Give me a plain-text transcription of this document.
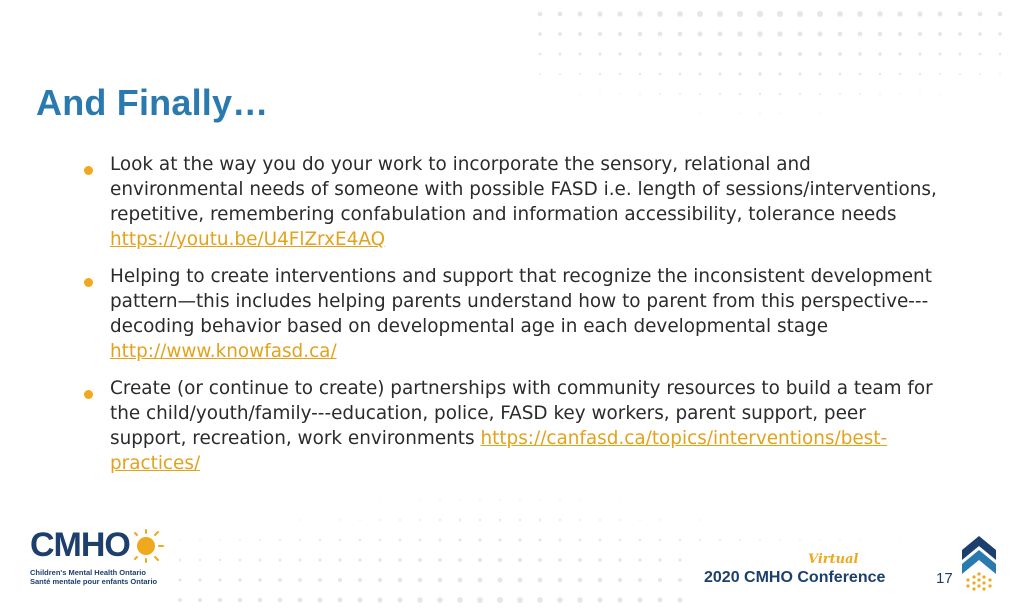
And Finally…
Look at the way you do your work to incorporate the sensory, relational and environmental needs of someone with possible FASD i.e. length of sessions/interventions, repetitive, remembering confabulation and information accessibility, tolerance needs https://youtu.be/U4FlZrxE4AQ
Helping to create interventions and support that recognize the inconsistent development pattern—this includes helping parents understand how to parent from this perspective---decoding behavior based on developmental age in each developmental stage http://www.knowfasd.ca/
Create (or continue to create) partnerships with community resources to build a team for the child/youth/family---education, police, FASD key workers, parent support, peer support, recreation, work environments https://canfasd.ca/topics/interventions/best-practices/
CMHO
Children's Mental Health Ontario
Santé mentale pour enfants Ontario
Virtual
2020 CMHO Conference	17
